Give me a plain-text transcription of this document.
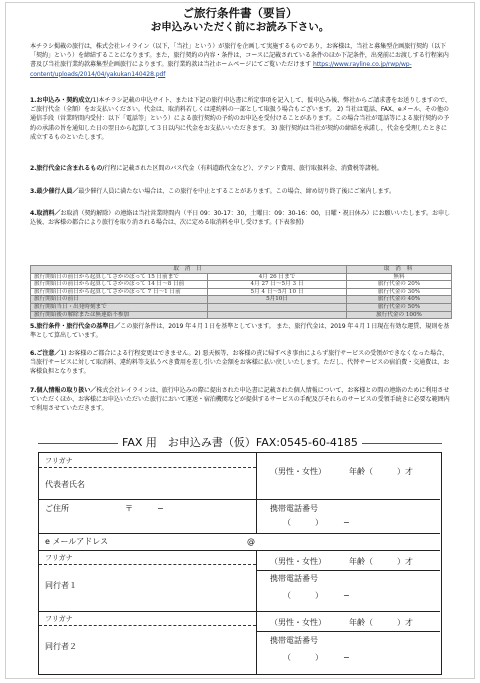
ご旅行条件書（要旨）
お申込みいただく前にお読み下さい。
本チラシ掲載の旅行は，株式会社レイライン（以下，「当社」という）が旅行を企画して実施するものであり，お客様は，当社と募集型企画旅行契約（以下「契約」という）を締結することになります。また，旅行契約の内容・条件は，コースに記載されている条件のほか下記条件，出発前にお渡しする行程案内書及び当社旅行業約款募集型企画旅行によります。旅行業約款は当社ホームページにてご覧いただけます https://www.rayline.co.jp/rwp/wp-content/uploads/2014/04/yakukan140428.pdf
1.お申込み・契約成立/1)本チラシ記載の申込サイト、または下記の旅行申込書に所定事項を記入して、仮申込み後、弊社からご請求書をお送りしますので、ご旅行代金（全額）をお支払いください。代金は、取消料若しくは違約料の一部として取扱う場合もございます。 2) 当社は電話、FAX、eメール、その他の通信手段（営業時間内受付：以下「電話等」という）による旅行契約の予約のお申込を受付けることがあります。この場合当社が電話等による旅行契約の予約の承諾の旨を通知した日の翌日から起算して３日以内に代金をお支払いいただきます。 3) 旅行契約は当社が契約の締結を承諾し，代金を受理したときに成立するものといたします。
2.旅行代金に含まれるもの/行程に記載された区間のバス代金（有料道路代金など）、アテンド費用、旅行取扱料金、消費税等諸税。
3.最少催行人員／最少催行人員に満たない場合は、この旅行を中止とすることがあります。この場合、締め切り終了後にご案内します。
4.取消料／お取消（契約解除）の連絡は当社営業時間内（平日 09：30-17：30，土曜日：09：30-16：00，日曜・祝日休み）にお願いいたします。お申し込後、お客様の都合により旅行を取り消される場合は、次に定める取消料を申し受けます。(下表参照)
取 消 日		取 消 料
旅行開始日の前日から起算してさかのぼって 15 日前まで	4月 26 日まで	無料
旅行開始日の前日から起算してさかのぼって 14 日〜8 日前	4月 27 日〜5月 3 日	旅行代金の 20%
旅行開始日の前日から起算してさかのぼって 7 日〜1 日前	5月 4 日〜5月 10 日	旅行代金の 30%
旅行開始日の前日	5月10日	旅行代金の 40%
旅行開始当日・出発時刻まで		旅行代金の 50%
旅行開始後の解除または無連絡不参加		旅行代金の 100%
5.旅行条件・旅行代金の基準日／この旅行条件は、2019 年４月１日を基準としています。 また、旅行代金は、2019 年４月１日現在有効な運賃、規則を基準として算出しています。
6.ご注意／1) お客様のご都合による行程変更はできません。2) 悪天候等、お客様の責に帰すべき事由によらず旅行サービスの受領ができなくなった場合、当旅行サービスに対して取消料、違約料等支払うべき費用を差し引いた金額をお客様に払い戻しいたします。ただし、代替サービスの宿泊費・交通費は、お客様負担となります。
7.個人情報の取り扱い／株式会社レイラインは、旅行申込みの際に提出された申込書に記載された個人情報について、お客様との間の連絡のために利用させていただくほか、お客様にお申込いただいた旅行において運送・宿泊機関などが提供するサービスの手配及びそれらのサービスの受領手続きに必要な範囲内で利用させていただきます。
FAX 用　お申込み書（仮）FAX:0545-60-4185
フリガナ
代表者氏名
（男性・女性）	年齢（　　　）才
ご住所	〒　　　−	携帯電話番号
（　　　）　　　−
e メールアドレス	@
フリガナ
同行者１
（男性・女性）	年齢（　　　）才
携帯電話番号
（　　　）　　　−
フリガナ
同行者２
（男性・女性）	年齢（　　　）才
携帯電話番号
（　　　）　　　−
